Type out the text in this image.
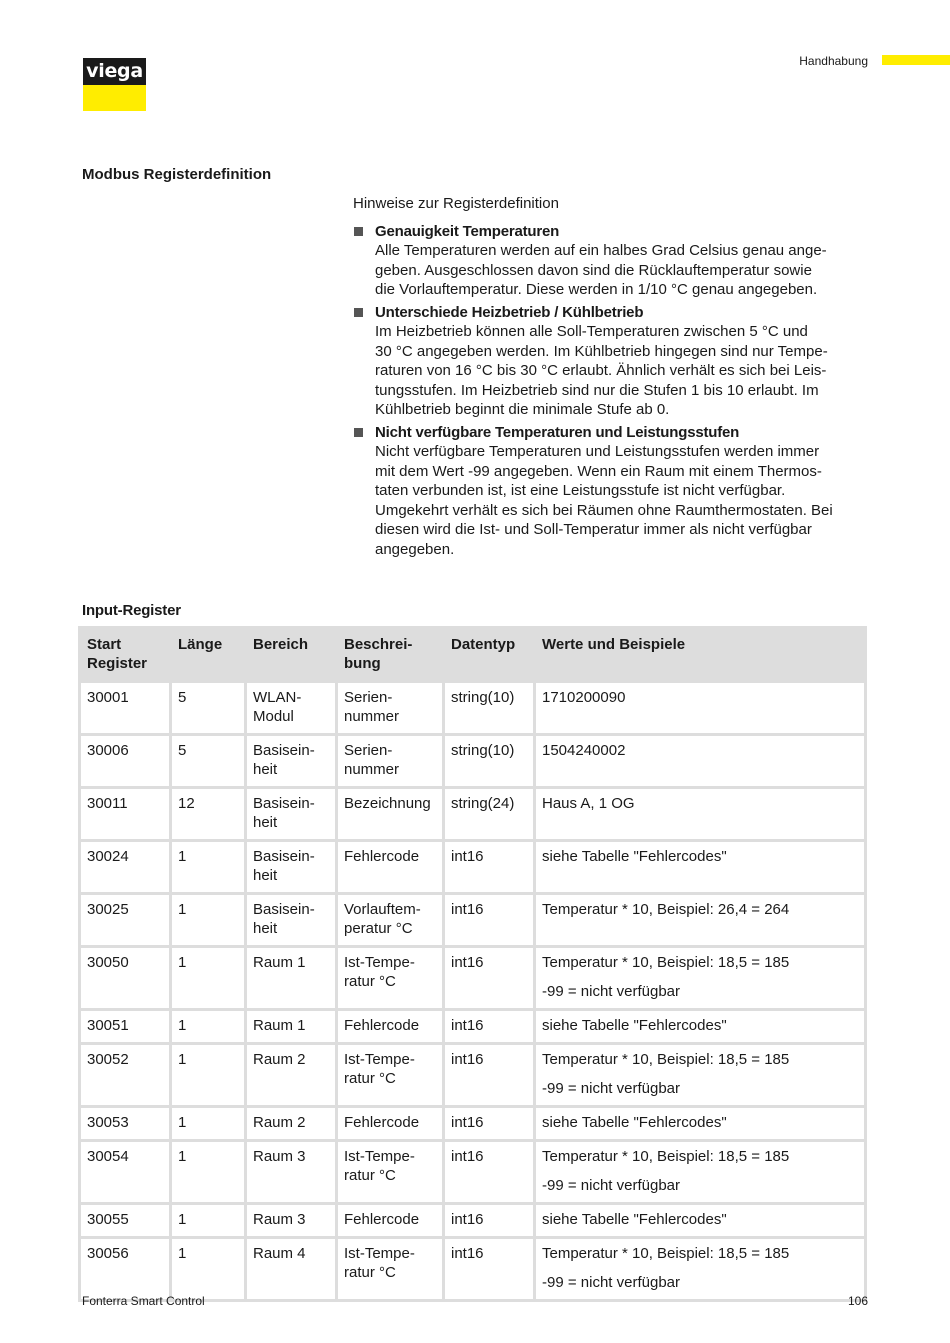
viega	Handhabung
Modbus Registerdefinition
Hinweise zur Registerdefinition
Genauigkeit Temperaturen
Alle Temperaturen werden auf ein halbes Grad Celsius genau ange-
geben. Ausgeschlossen davon sind die Rücklauftemperatur sowie
die Vorlauftemperatur. Diese werden in 1/10 °C genau angegeben.
Unterschiede Heizbetrieb / Kühlbetrieb
Im Heizbetrieb können alle Soll-Temperaturen zwischen 5 °C und
30 °C angegeben werden. Im Kühlbetrieb hingegen sind nur Tempe-
raturen von 16 °C bis 30 °C erlaubt. Ähnlich verhält es sich bei Leis-
tungsstufen. Im Heizbetrieb sind nur die Stufen 1 bis 10 erlaubt. Im
Kühlbetrieb beginnt die minimale Stufe ab 0.
Nicht verfügbare Temperaturen und Leistungsstufen
Nicht verfügbare Temperaturen und Leistungsstufen werden immer
mit dem Wert -99 angegeben. Wenn ein Raum mit einem Thermos-
taten verbunden ist, ist eine Leistungsstufe ist nicht verfügbar.
Umgekehrt verhält es sich bei Räumen ohne Raumthermostaten. Bei
diesen wird die Ist- und Soll-Temperatur immer als nicht verfügbar
angegeben.
Input-Register
Start
Register	Länge	Bereich	Beschrei-
bung	Datentyp	Werte und Beispiele
30001	5	WLAN-
Modul	Serien-
nummer	string(10)	1710200090

30006	5	Basisein-
heit	Serien-
nummer	string(10)	1504240002

30011	12	Basisein-
heit	Bezeichnung	string(24)	Haus A, 1 OG

30024	1	Basisein-
heit	Fehlercode	int16	siehe Tabelle "Fehlercodes"

30025	1	Basisein-
heit	Vorlauftem-
peratur °C	int16	Temperatur * 10, Beispiel: 26,4 = 264

30050	1	Raum 1	Ist-Tempe-
ratur °C	int16	Temperatur * 10, Beispiel: 18,5 = 185
-99 = nicht verfügbar

30051	1	Raum 1	Fehlercode	int16	siehe Tabelle "Fehlercodes"

30052	1	Raum 2	Ist-Tempe-
ratur °C	int16	Temperatur * 10, Beispiel: 18,5 = 185
-99 = nicht verfügbar

30053	1	Raum 2	Fehlercode	int16	siehe Tabelle "Fehlercodes"

30054	1	Raum 3	Ist-Tempe-
ratur °C	int16	Temperatur * 10, Beispiel: 18,5 = 185
-99 = nicht verfügbar

30055	1	Raum 3	Fehlercode	int16	siehe Tabelle "Fehlercodes"

30056	1	Raum 4	Ist-Tempe-
ratur °C	int16	Temperatur * 10, Beispiel: 18,5 = 185
-99 = nicht verfügbar
Fonterra Smart Control	106
